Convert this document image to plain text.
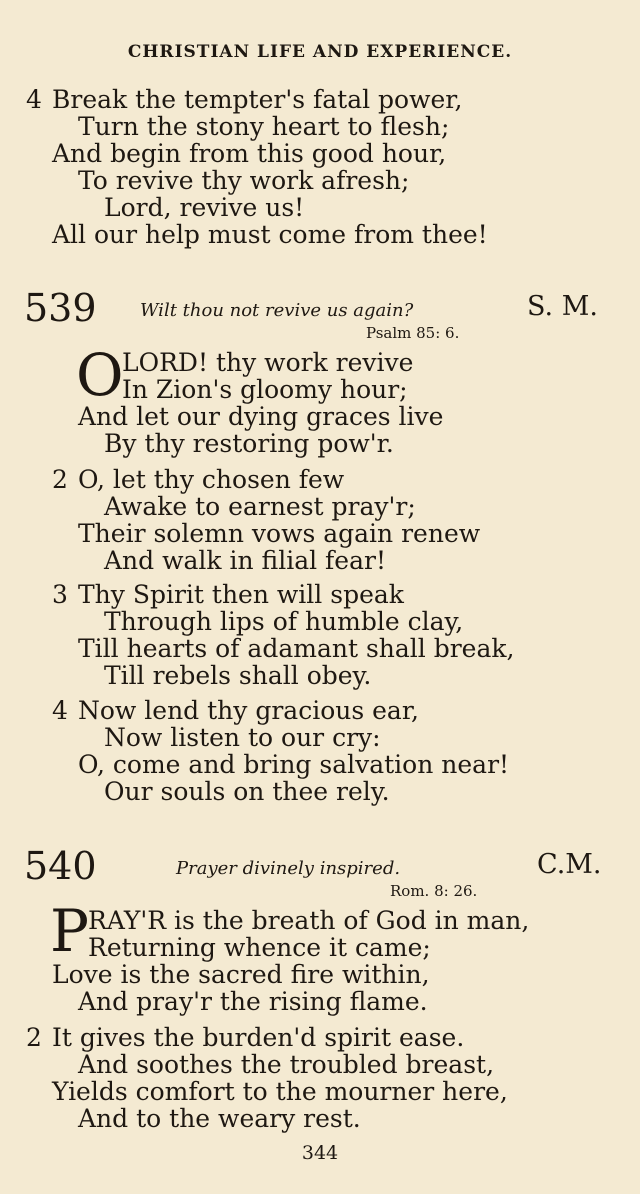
CHRISTIAN LIFE AND EXPERIENCE.
4 Break the tempter's fatal power,
Turn the stony heart to flesh;
And begin from this good hour,
To revive thy work afresh;
Lord, revive us!
All our help must come from thee!
539 Wilt thou not revive us again?	S. M.
Psalm 85: 6.
O
LORD! thy work revive
In Zion's gloomy hour;
And let our dying graces live
By thy restoring pow'r.
2 O, let thy chosen few
Awake to earnest pray'r;
Their solemn vows again renew
And walk in filial fear!
3 Thy Spirit then will speak
Through lips of humble clay,
Till hearts of adamant shall break,
Till rebels shall obey.
4 Now lend thy gracious ear,
Now listen to our cry:
O, come and bring salvation near!
Our souls on thee rely.
540	Prayer divinely inspired.	C.M.
Rom. 8: 26.
P
RAY'R is the breath of God in man,
Returning whence it came;
Love is the sacred fire within,
And pray'r the rising flame.
2 It gives the burden'd spirit ease.
And soothes the troubled breast,
Yields comfort to the mourner here,
And to the weary rest.
344
